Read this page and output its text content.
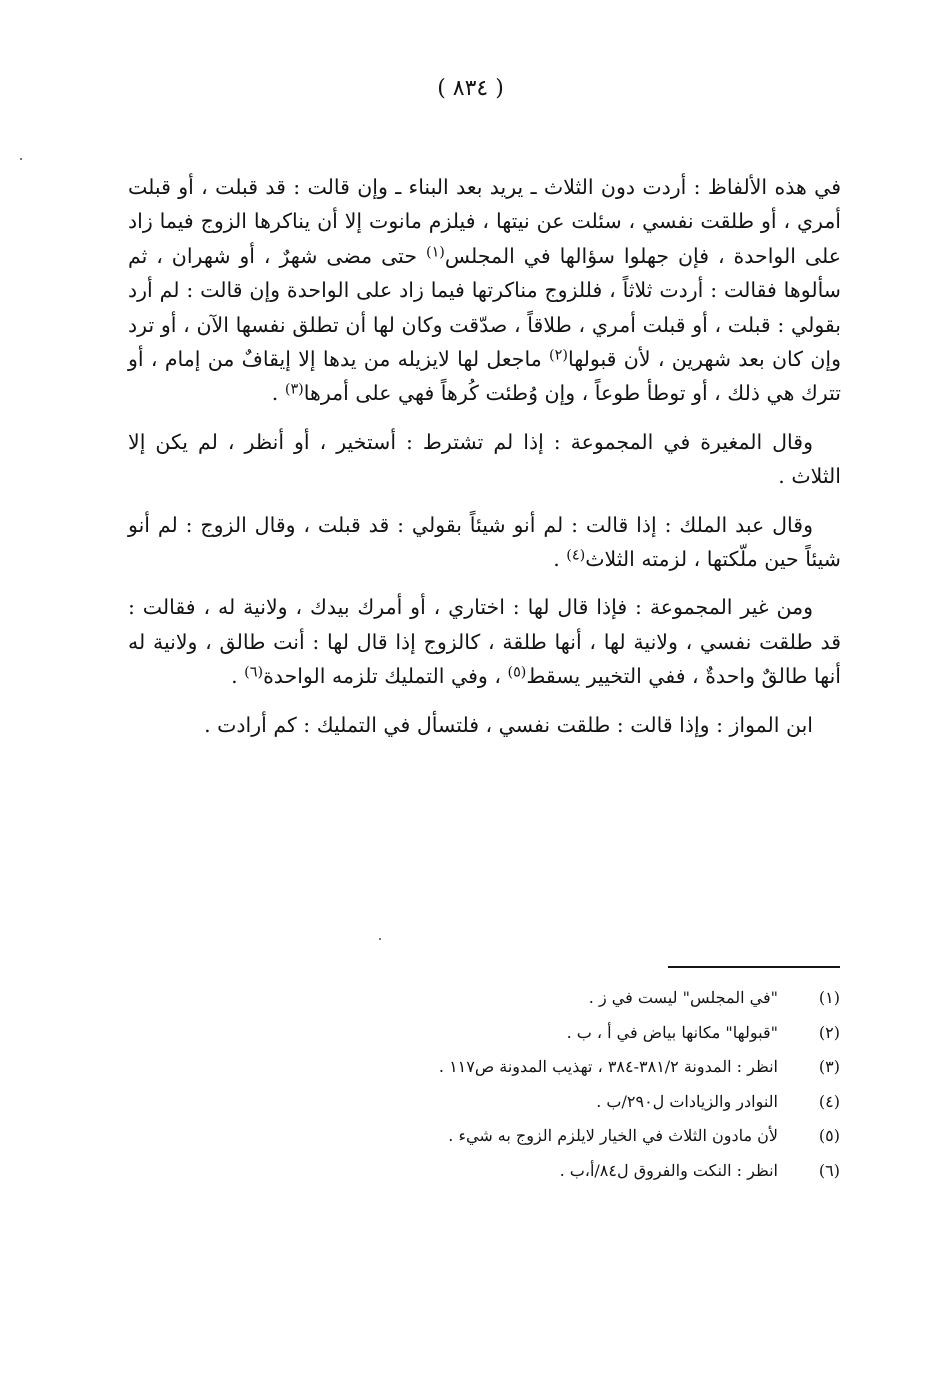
( ٨٣٤ )

في هذه الألفاظ : أردت دون الثلاث ـ يريد بعد البناء ـ وإن قالت : قد قبلت ، أو قبلت أمري ، أو طلقت نفسي ، سئلت عن نيتها ، فيلزم مانوت إلا أن يناكرها الزوج فيما زاد على الواحدة ، فإن جهلوا سؤالها في المجلس$^{(١)}$ حتى مضى شهرٌ ، أو شهران ، ثم سألوها فقالت : أردت ثلاثاً ، فللزوج مناكرتها فيما زاد على الواحدة وإن قالت : لم أرد بقولي : قبلت ، أو قبلت أمري ، طلاقاً ، صدّقت وكان لها أن تطلق نفسها الآن ، أو ترد وإن كان بعد شهرين ، لأن قبولها$^{(٢)}$ ماجعل لها لايزيله من يدها إلا إيقافٌ من إمام ، أو تترك هي ذلك ، أو توطأ طوعاً ، وإن وُطئت كُرهاً فهي على أمرها$^{(٣)}$ .

وقال المغيرة في المجموعة : إذا لم تشترط : أستخير ، أو أنظر ، لم يكن إلا الثلاث .

وقال عبد الملك : إذا قالت : لم أنو شيئاً بقولي : قد قبلت ، وقال الزوج : لم أنو شيئاً حين ملّكتها ، لزمته الثلاث$^{(٤)}$ .

ومن غير المجموعة : فإذا قال لها : اختاري ، أو أمرك بيدك ، ولانية له ، فقالت : قد طلقت نفسي ، ولانية لها ، أنها طلقة ، كالزوج إذا قال لها : أنت طالق ، ولانية له أنها طالقٌ واحدةٌ ، ففي التخيير يسقط$^{(٥)}$ ، وفي التمليك تلزمه الواحدة$^{(٦)}$ .

ابن المواز : وإذا قالت : طلقت نفسي ، فلتسأل في التمليك : كم أرادت .

(١)
"في المجلس" ليست في ز .
(٢)
"قبولها" مكانها بياض في أ ، ب .
(٣)
انظر : المدونة ٣٨١/٢-٣٨٤ ، تهذيب المدونة ص١١٧ .
(٤)
النوادر والزيادات ل٢٩٠/ب .
(٥)
لأن مادون الثلاث في الخيار لايلزم الزوج به شيء .
(٦)
انظر : النكت والفروق ل٨٤/أ،ب .
